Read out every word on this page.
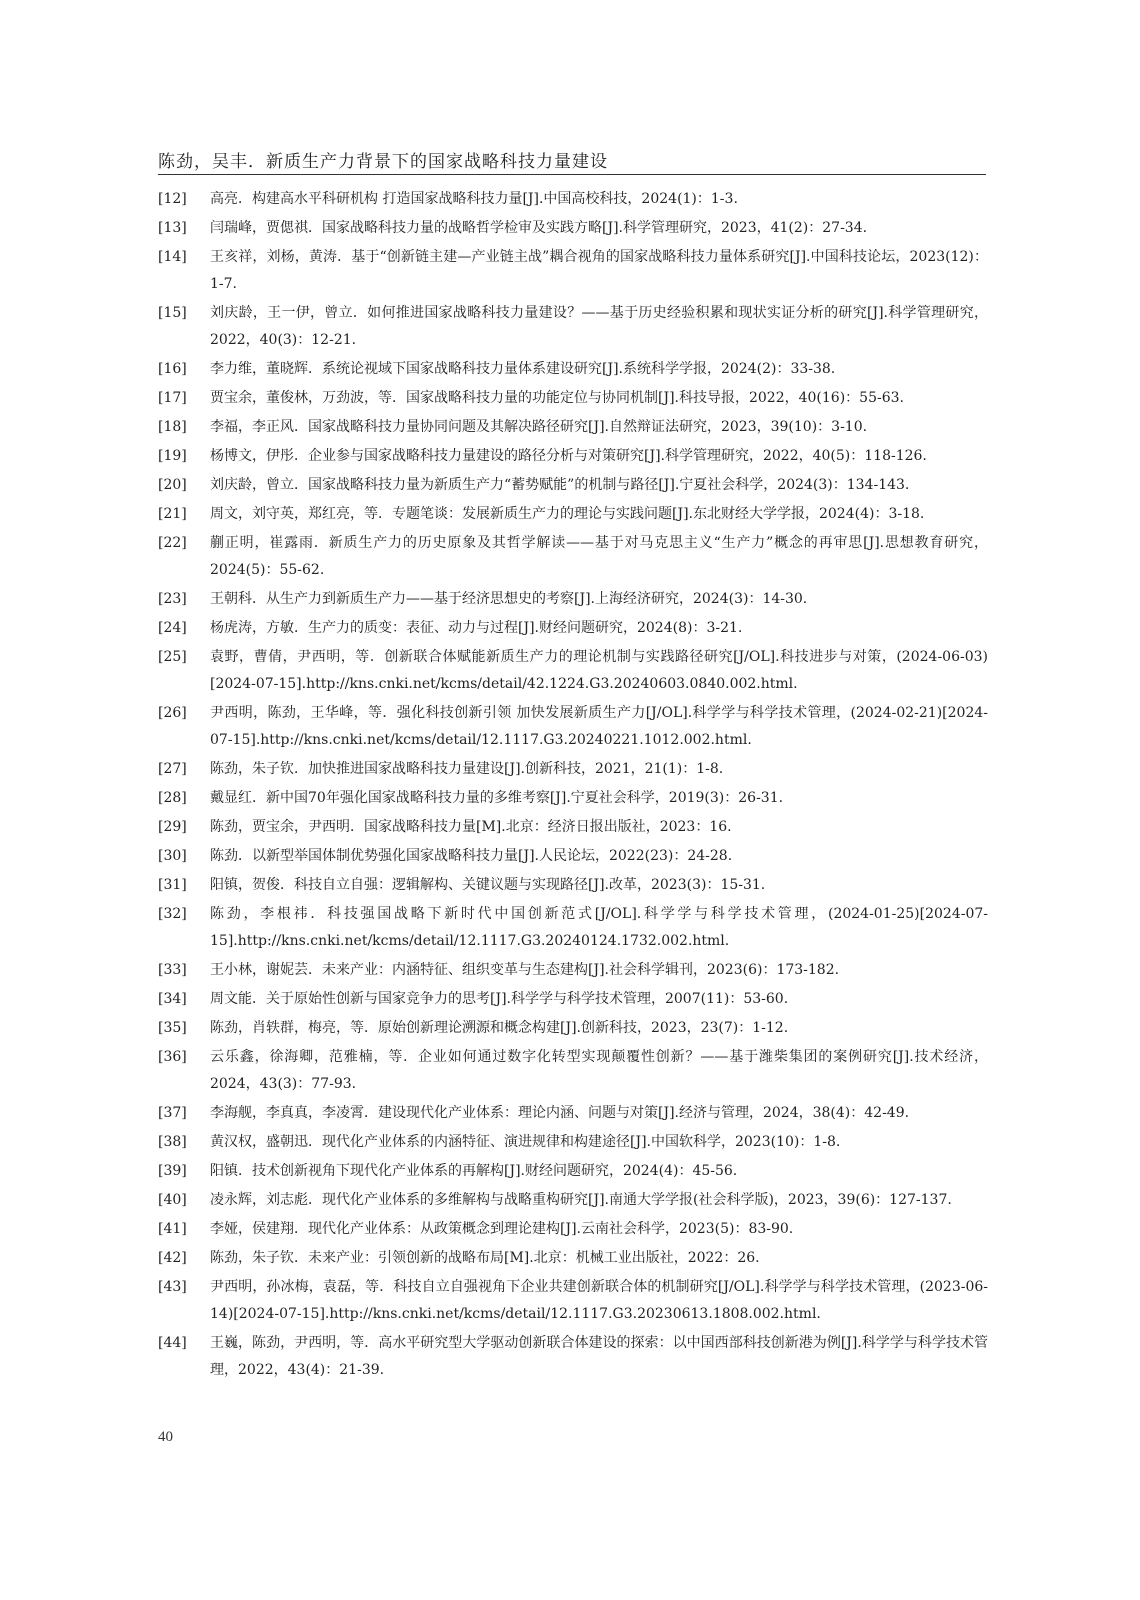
陈劲，吴丰．新质生产力背景下的国家战略科技力量建设
[12]	高亮．构建高水平科研机构 打造国家战略科技力量[J].中国高校科技，2024(1)：1-3.
[13]	闫瑞峰，贾偲祺．国家战略科技力量的战略哲学检审及实践方略[J].科学管理研究，2023，41(2)：27-34.
[14]	王亥祥，刘杨，黄涛．基于“创新链主建—产业链主战”耦合视角的国家战略科技力量体系研究[J].中国科技论坛，2023(12)：1-7.
[15]	刘庆龄，王一伊，曾立．如何推进国家战略科技力量建设？——基于历史经验积累和现状实证分析的研究[J].科学管理研究，2022，40(3)：12-21.
[16]	李力维，董晓辉．系统论视域下国家战略科技力量体系建设研究[J].系统科学学报，2024(2)：33-38.
[17]	贾宝余，董俊林，万劲波，等．国家战略科技力量的功能定位与协同机制[J].科技导报，2022，40(16)：55-63.
[18]	李福，李正风．国家战略科技力量协同问题及其解决路径研究[J].自然辩证法研究，2023，39(10)：3-10.
[19]	杨博文，伊彤．企业参与国家战略科技力量建设的路径分析与对策研究[J].科学管理研究，2022，40(5)：118-126.
[20]	刘庆龄，曾立．国家战略科技力量为新质生产力“蓄势赋能”的机制与路径[J].宁夏社会科学，2024(3)：134-143.
[21]	周文，刘守英，郑红亮，等．专题笔谈：发展新质生产力的理论与实践问题[J].东北财经大学学报，2024(4)：3-18.
[22]	蒯正明，崔露雨．新质生产力的历史原象及其哲学解读——基于对马克思主义“生产力”概念的再审思[J].思想教育研究，2024(5)：55-62.
[23]	王朝科．从生产力到新质生产力——基于经济思想史的考察[J].上海经济研究，2024(3)：14-30.
[24]	杨虎涛，方敏．生产力的质变：表征、动力与过程[J].财经问题研究，2024(8)：3-21.
[25]	袁野，曹倩，尹西明，等．创新联合体赋能新质生产力的理论机制与实践路径研究[J/OL].科技进步与对策，(2024-06-03)[2024-07-15].http://kns.cnki.net/kcms/detail/42.1224.G3.20240603.0840.002.html.
[26]	尹西明，陈劲，王华峰，等．强化科技创新引领 加快发展新质生产力[J/OL].科学学与科学技术管理，(2024-02-21)[2024-07-15].http://kns.cnki.net/kcms/detail/12.1117.G3.20240221.1012.002.html.
[27]	陈劲，朱子钦．加快推进国家战略科技力量建设[J].创新科技，2021，21(1)：1-8.
[28]	戴显红．新中国70年强化国家战略科技力量的多维考察[J].宁夏社会科学，2019(3)：26-31.
[29]	陈劲，贾宝余，尹西明．国家战略科技力量[M].北京：经济日报出版社，2023：16.
[30]	陈劲．以新型举国体制优势强化国家战略科技力量[J].人民论坛，2022(23)：24-28.
[31]	阳镇，贺俊．科技自立自强：逻辑解构、关键议题与实现路径[J].改革，2023(3)：15-31.
[32]	陈劲，李根祎．科技强国战略下新时代中国创新范式[J/OL].科学学与科学技术管理，(2024-01-25)[2024-07-15].http://kns.cnki.net/kcms/detail/12.1117.G3.20240124.1732.002.html.
[33]	王小林，谢妮芸．未来产业：内涵特征、组织变革与生态建构[J].社会科学辑刊，2023(6)：173-182.
[34]	周文能．关于原始性创新与国家竞争力的思考[J].科学学与科学技术管理，2007(11)：53-60.
[35]	陈劲，肖轶群，梅亮，等．原始创新理论溯源和概念构建[J].创新科技，2023，23(7)：1-12.
[36]	云乐鑫，徐海卿，范雅楠，等．企业如何通过数字化转型实现颠覆性创新？——基于潍柴集团的案例研究[J].技术经济，2024，43(3)：77-93.
[37]	李海舰，李真真，李凌霄．建设现代化产业体系：理论内涵、问题与对策[J].经济与管理，2024，38(4)：42-49.
[38]	黄汉权，盛朝迅．现代化产业体系的内涵特征、演进规律和构建途径[J].中国软科学，2023(10)：1-8.
[39]	阳镇．技术创新视角下现代化产业体系的再解构[J].财经问题研究，2024(4)：45-56.
[40]	凌永辉，刘志彪．现代化产业体系的多维解构与战略重构研究[J].南通大学学报(社会科学版)，2023，39(6)：127-137.
[41]	李娅，侯建翔．现代化产业体系：从政策概念到理论建构[J].云南社会科学，2023(5)：83-90.
[42]	陈劲，朱子钦．未来产业：引领创新的战略布局[M].北京：机械工业出版社，2022：26.
[43]	尹西明，孙冰梅，袁磊，等．科技自立自强视角下企业共建创新联合体的机制研究[J/OL].科学学与科学技术管理，(2023-06-14)[2024-07-15].http://kns.cnki.net/kcms/detail/12.1117.G3.20230613.1808.002.html.
[44]	王巍，陈劲，尹西明，等．高水平研究型大学驱动创新联合体建设的探索：以中国西部科技创新港为例[J].科学学与科学技术管理，2022，43(4)：21-39.
40
